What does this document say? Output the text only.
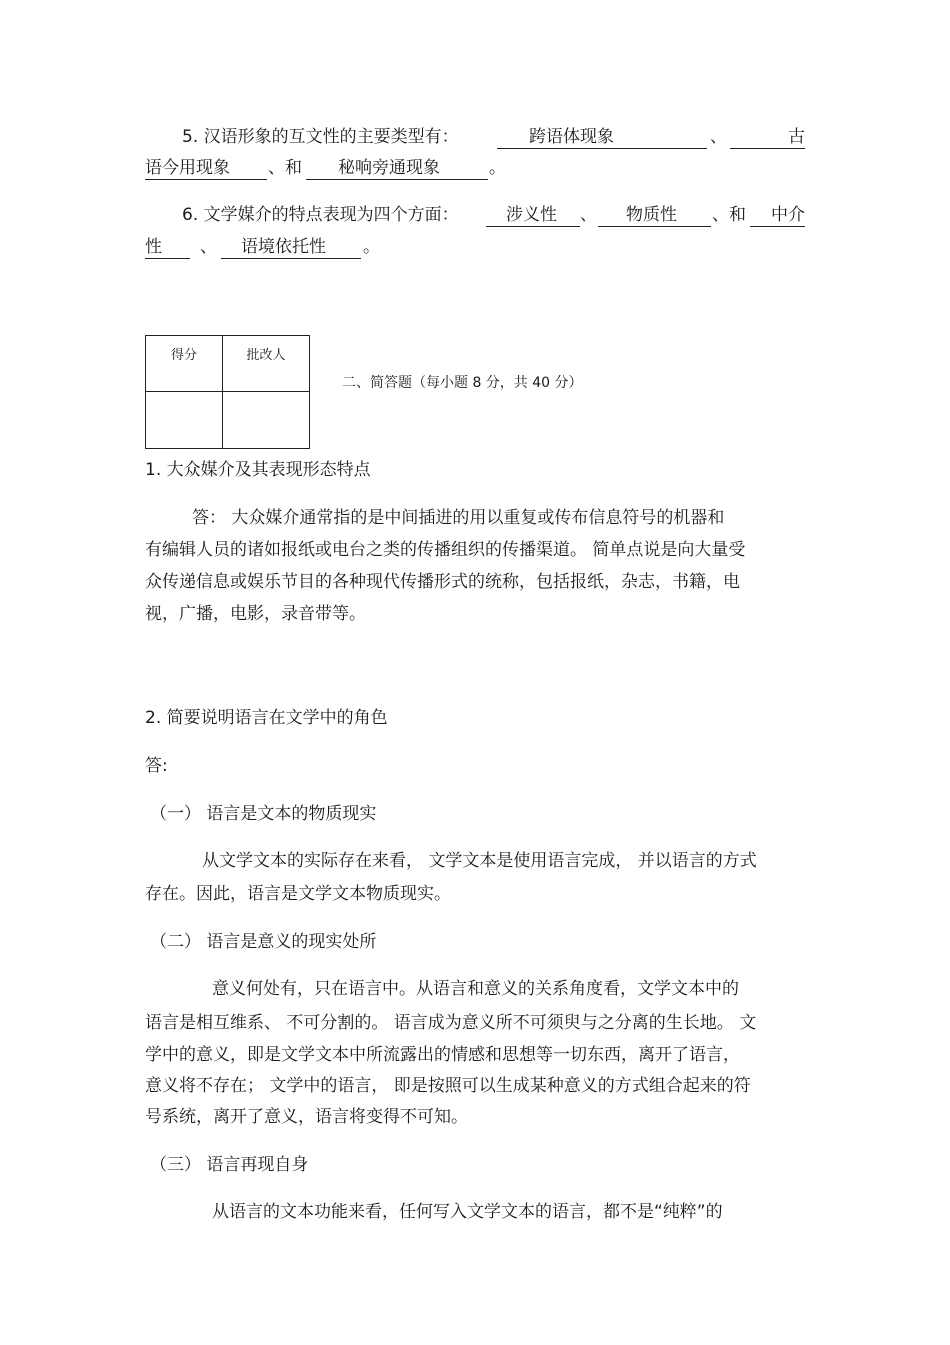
5. 汉语形象的互文性的主要类型有：	跨语体现象	、	古
语今用现象 、和 秘响旁通现象	。
6. 文学媒介的特点表现为四个方面：	涉义性 、 物质性 、和 中介
性 、 语境依托性 。
得分	批改人

二、简答题（每小题 8 分，共 40 分）
1. 大众媒介及其表现形态特点
答： 大众媒介通常指的是中间插进的用以重复或传布信息符号的机器和
有编辑人员的诸如报纸或电台之类的传播组织的传播渠道。 简单点说是向大量受
众传递信息或娱乐节目的各种现代传播形式的统称，包括报纸，杂志，书籍，电
视，广播，电影，录音带等。
2. 简要说明语言在文学中的角色
答:
（一） 语言是文本的物质现实
从文学文本的实际存在来看， 文学文本是使用语言完成， 并以语言的方式
存在。因此，语言是文学文本物质现实。
（二） 语言是意义的现实处所
意义何处有，只在语言中。从语言和意义的关系角度看，文学文本中的
语言是相互维系、 不可分割的。 语言成为意义所不可须臾与之分离的生长地。 文
学中的意义，即是文学文本中所流露出的情感和思想等一切东西，离开了语言，
意义将不存在； 文学中的语言， 即是按照可以生成某种意义的方式组合起来的符
号系统，离开了意义，语言将变得不可知。
（三） 语言再现自身
从语言的文本功能来看，任何写入文学文本的语言，都不是“纯粹”的
